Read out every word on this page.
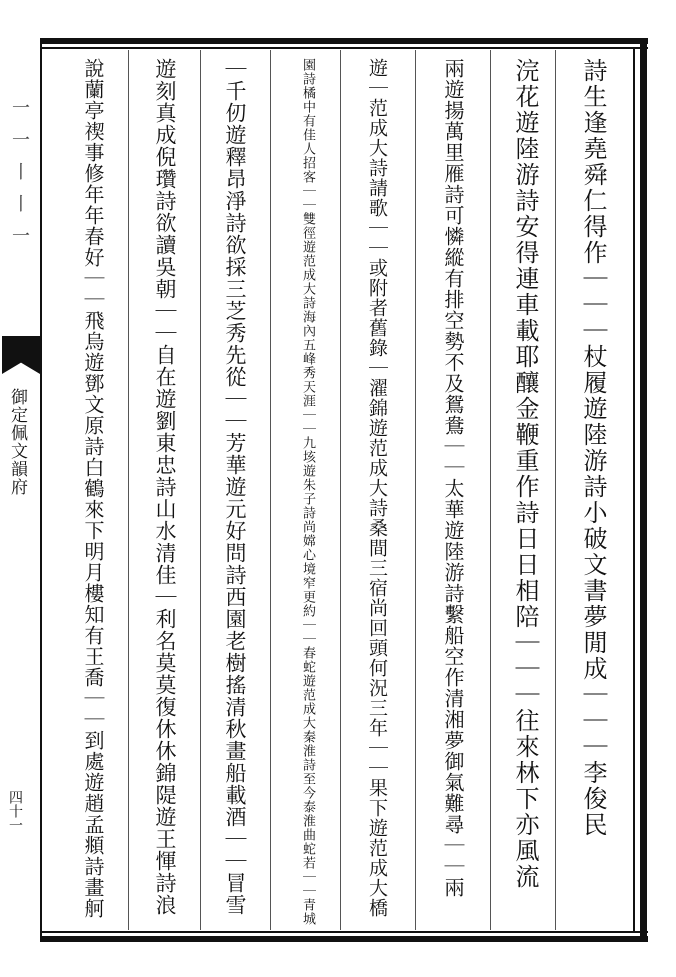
⼀⼀⼁⼁⼀
御定佩文韻府
四十一	詩生逢堯舜仁得作｜｜｜杖履遊陸游詩小破文書夢閒成｜｜｜李俊民
浣花遊陸游詩安得連車載耶釀金鞭重作詩日日相陪｜｜｜往來林下亦風流
兩遊揚萬里雁詩可憐縱有排空勢不及鴛鴦｜｜太華遊陸游詩繫船空作清湘夢御氣難尋｜｜兩
遊｜范成大詩請歌｜｜或附者舊錄｜濯錦遊范成大詩桑間三宿尚回頭何況三年｜｜果下遊范成大橋
園詩橘中有佳人招客｜｜雙徑遊范成大詩海內五峰秀天涯｜｜九垓遊朱子詩尚嫦心境窄更約｜｜春蛇遊范成大秦淮詩至今泰淮曲蛇若｜｜青城
｜千仞遊釋昂淨詩欲採三芝秀先從｜｜芳華遊元好問詩西園老樹搖清秋畫船載酒｜｜冒雪
遊刻真成倪瓚詩欲讀吳朝｜｜自在遊劉東忠詩山水清佳｜利名莫莫復休休錦隄遊王惲詩浪
說蘭亭禊事修年年春好｜｜飛烏遊鄧文原詩白鶴來下明月樓知有王喬｜｜到處遊趙孟頫詩畫舸
